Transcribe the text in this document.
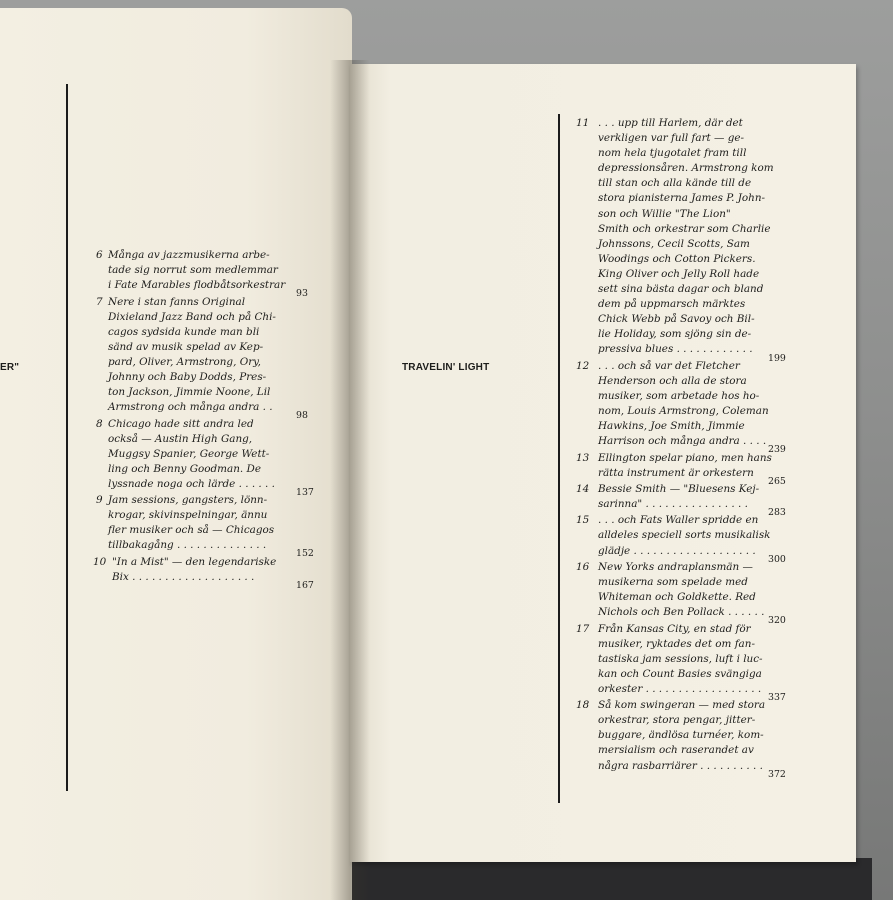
ER"
6 Många av jazzmusikerna arbe-
tade sig norrut som medlemmar
i Fate Marables flodbåtsorkestrar
93
7 Nere i stan fanns Original
Dixieland Jazz Band och på Chi-
cagos sydsida kunde man bli
sänd av musik spelad av Kep-
pard, Oliver, Armstrong, Ory,
Johnny och Baby Dodds, Pres-
ton Jackson, Jimmie Noone, Lil
Armstrong och många andra . .
98
8 Chicago hade sitt andra led
också — Austin High Gang,
Muggsy Spanier, George Wett-
ling och Benny Goodman. De
lyssnade noga och lärde . . . . . .
137
9 Jam sessions, gangsters, lönn-
krogar, skivinspelningar, ännu
fler musiker och så — Chicagos
tillbakagång . . . . . . . . . . . . . .
152
10 "In a Mist" — den legendariske
Bix . . . . . . . . . . . . . . . . . . .
167
TRAVELIN' LIGHT
11 . . . upp till Harlem, där det
verkligen var full fart — ge-
nom hela tjugotalet fram till
depressionsåren. Armstrong kom
till stan och alla kände till de
stora pianisterna James P. John-
son och Willie "The Lion"
Smith och orkestrar som Charlie
Johnssons, Cecil Scotts, Sam
Woodings och Cotton Pickers.
King Oliver och Jelly Roll hade
sett sina bästa dagar och bland
dem på uppmarsch märktes
Chick Webb på Savoy och Bil-
lie Holiday, som sjöng sin de-
pressiva blues . . . . . . . . . . . .
199
12 . . . och så var det Fletcher
Henderson och alla de stora
musiker, som arbetade hos ho-
nom, Louis Armstrong, Coleman
Hawkins, Joe Smith, Jimmie
Harrison och många andra . . . .
239
13 Ellington spelar piano, men hans
rätta instrument är orkestern
265
14 Bessie Smith — "Bluesens Kej-
sarinna" . . . . . . . . . . . . . . . .
283
15 . . . och Fats Waller spridde en
alldeles speciell sorts musikalisk
glädje . . . . . . . . . . . . . . . . . . .
300
16 New Yorks andraplansmän —
musikerna som spelade med
Whiteman och Goldkette. Red
Nichols och Ben Pollack . . . . . .
320
17 Från Kansas City, en stad för
musiker, ryktades det om fan-
tastiska jam sessions, luft i luc-
kan och Count Basies svängiga
orkester . . . . . . . . . . . . . . . . . .
337
18 Så kom swingeran — med stora
orkestrar, stora pengar, jitter-
buggare, ändlösa turnéer, kom-
mersialism och raserandet av
några rasbarriärer . . . . . . . . . .
372
